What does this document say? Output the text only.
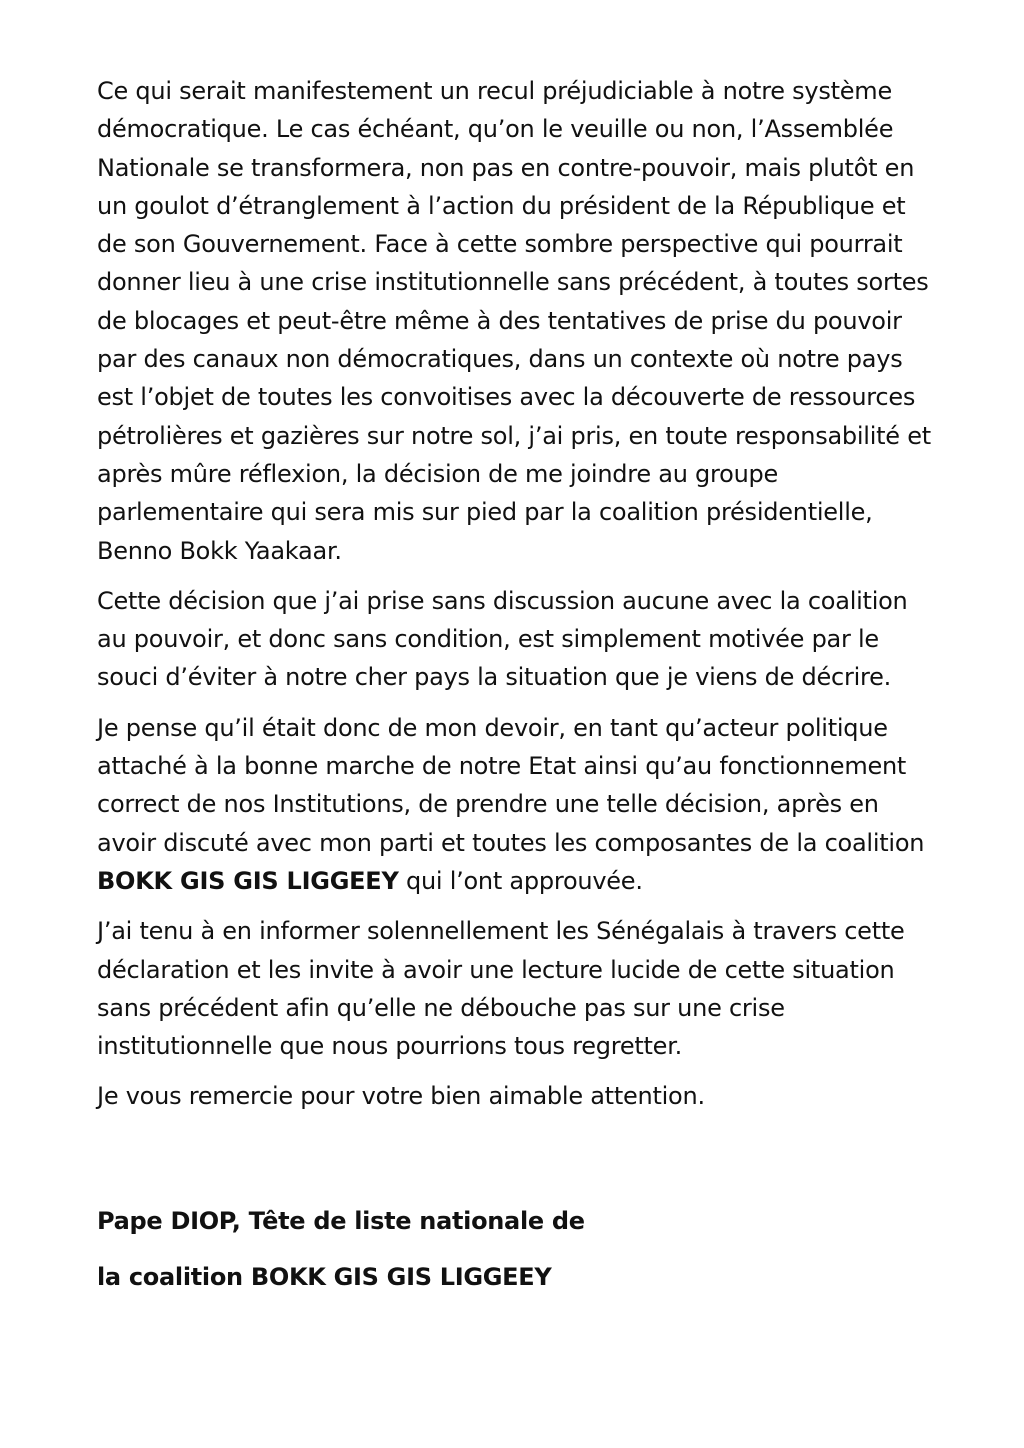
Ce qui serait manifestement un recul préjudiciable à notre système démocratique. Le cas échéant, qu’on le veuille ou non, l’Assemblée Nationale se transformera, non pas en contre-pouvoir, mais plutôt en un goulot d’étranglement à l’action du président de la République et de son Gouvernement. Face à cette sombre perspective qui pourrait donner lieu à une crise institutionnelle sans précédent, à toutes sortes de blocages et peut-être même à des tentatives de prise du pouvoir par des canaux non démocratiques, dans un contexte où notre pays est l’objet de toutes les convoitises avec la découverte de ressources pétrolières et gazières sur notre sol, j’ai pris, en toute responsabilité et après mûre réflexion, la décision de me joindre au groupe parlementaire qui sera mis sur pied par la coalition présidentielle, Benno Bokk Yaakaar.

Cette décision que j’ai prise sans discussion aucune avec la coalition au pouvoir, et donc sans condition, est simplement motivée par le souci d’éviter à notre cher pays la situation que je viens de décrire.

Je pense qu’il était donc de mon devoir, en tant qu’acteur politique attaché à la bonne marche de notre Etat ainsi qu’au fonctionnement correct de nos Institutions, de prendre une telle décision, après en avoir discuté avec mon parti et toutes les composantes de la coalition BOKK GIS GIS LIGGEEY qui l’ont approuvée.

J’ai tenu à en informer solennellement les Sénégalais à travers cette déclaration et les invite à avoir une lecture lucide de cette situation sans précédent afin qu’elle ne débouche pas sur une crise institutionnelle que nous pourrions tous regretter.

Je vous remercie pour votre bien aimable attention.

Pape DIOP, Tête de liste nationale de

la coalition BOKK GIS GIS LIGGEEY
